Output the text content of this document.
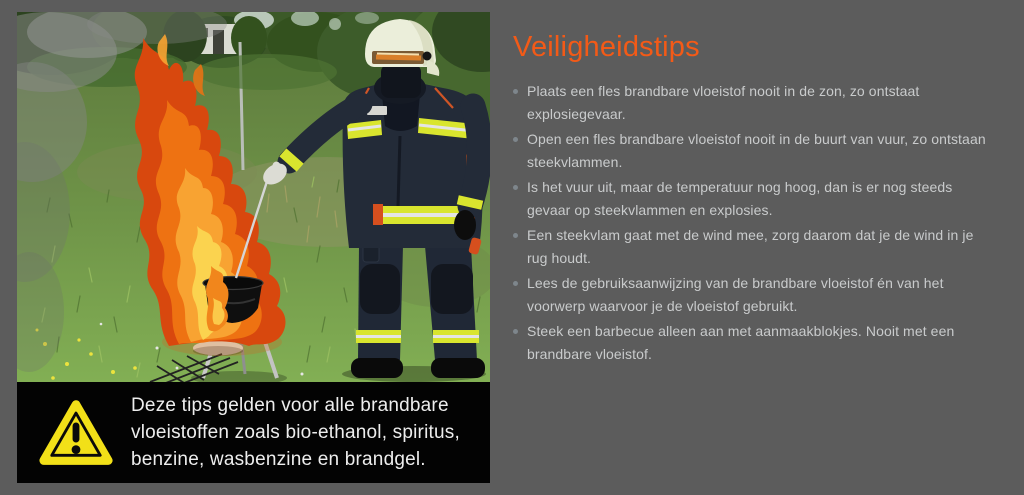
Deze tips gelden voor alle brandbare vloeistoffen zoals bio-ethanol, spiritus, benzine, wasbenzine en brandgel.

Veiligheidstips
Plaats een fles brandbare vloeistof nooit in de zon, zo ontstaat explosiegevaar.
Open een fles brandbare vloeistof nooit in de buurt van vuur, zo ontstaan steekvlammen.
Is het vuur uit, maar de temperatuur nog hoog, dan is er nog steeds gevaar op steekvlammen en explosies.
Een steekvlam gaat met de wind mee, zorg daarom dat je de wind in je rug houdt.
Lees de gebruiksaanwijzing van de brandbare vloeistof én van het voorwerp waarvoor je de vloeistof gebruikt.
Steek een barbecue alleen aan met aanmaakblokjes. Nooit met een brandbare vloeistof.
